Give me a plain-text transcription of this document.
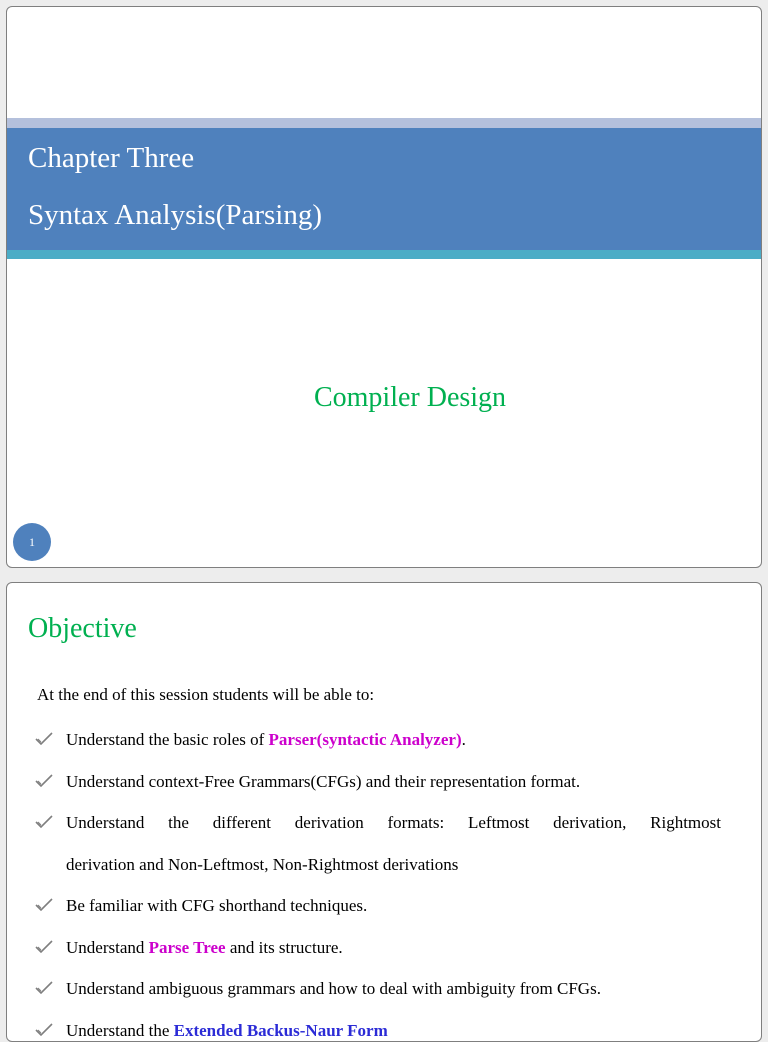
Chapter Three
Syntax Analysis(Parsing)
Compiler Design
1
Objective
At the end of this session students will be able to:
Understand the basic roles of Parser(syntactic Analyzer).
Understand context-Free Grammars(CFGs) and their representation format.
Understand the different derivation formats: Leftmost derivation, Rightmost
derivation and Non-Leftmost, Non-Rightmost derivations
Be familiar with CFG shorthand techniques.
Understand Parse Tree and its structure.
Understand ambiguous grammars and how to deal with ambiguity from CFGs.
Understand the Extended Backus-Naur Form
